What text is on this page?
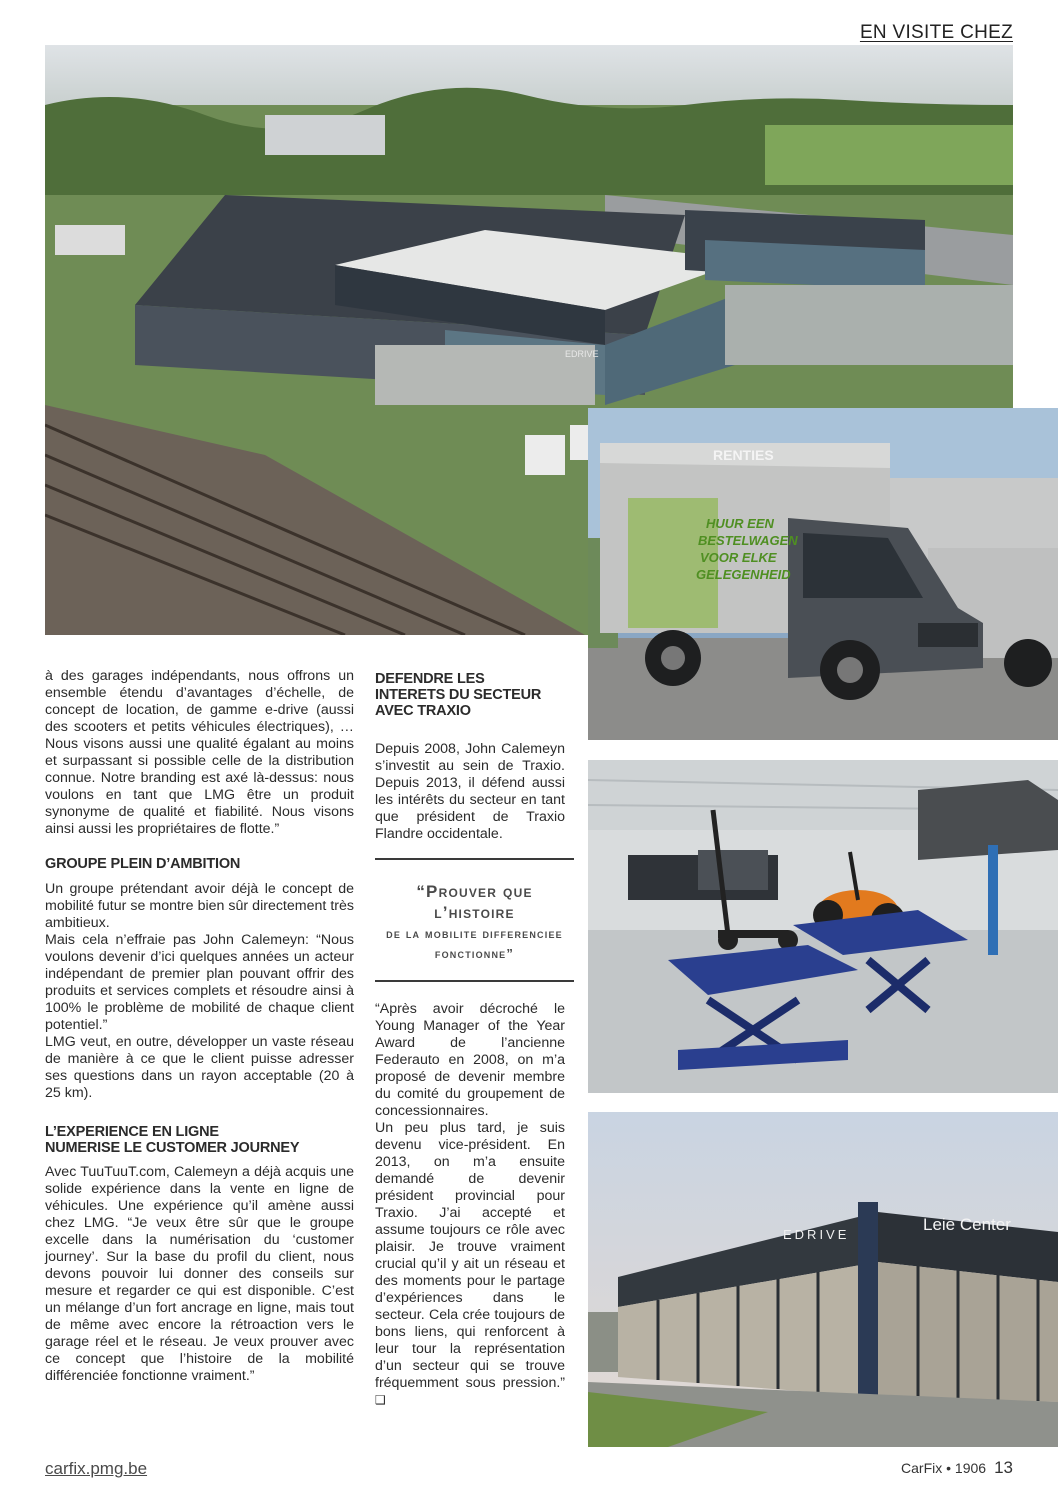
EN VISITE CHEZ
EDRIVE
RENTIES
HUUR EEN
BESTELWAGEN
VOOR ELKE
GELEGENHEID
EDRIVE
Leie Center

à des garages indépendants, nous offrons un ensemble étendu d’avantages d’échelle, de concept de location, de gamme e-drive (aussi des scooters et petits véhicules électriques), … Nous visons aussi une qualité égalant au moins et surpassant si possible celle de la distribution connue. Notre branding est axé là-dessus: nous voulons en tant que LMG être un produit synonyme de qualité et fiabilité. Nous visons ainsi aussi les propriétaires de flotte.”

GROUPE PLEIN D’AMBITION

Un groupe prétendant avoir déjà le concept de mobilité futur se montre bien sûr directement très ambitieux.

Mais cela n’effraie pas John Calemeyn: “Nous voulons devenir d’ici quelques années un acteur indépendant de premier plan pouvant offrir des produits et services complets et résoudre ainsi à 100% le problème de mobilité de chaque client potentiel.”

LMG veut, en outre, développer un vaste réseau de manière à ce que le client puisse adresser ses questions dans un rayon acceptable (20 à 25 km).

L’EXPERIENCE EN LIGNE
NUMERISE LE CUSTOMER JOURNEY

Avec TuuTuuT.com, Calemeyn a déjà acquis une solide expérience dans la vente en ligne de véhicules. Une expérience qu’il amène aussi chez LMG. “Je veux être sûr que le groupe excelle dans la numérisation du ‘customer journey’. Sur la base du profil du client, nous devons pouvoir lui donner des conseils sur mesure et regarder ce qui est disponible. C’est un mélange d’un fort ancrage en ligne, mais tout de même avec encore la rétroaction vers le garage réel et le réseau. Je veux prouver avec ce concept que l’histoire de la mobilité différenciée fonctionne vraiment.”

DEFENDRE LES
INTERETS DU SECTEUR
AVEC TRAXIO

Depuis 2008, John Calemeyn s’investit au sein de Traxio. Depuis 2013, il défend aussi les intérêts du secteur en tant que président de Traxio Flandre occidentale.

“Prouver que l’histoire
de la mobilite differenciee
fonctionne”

“Après avoir décroché le Young Manager of the Year Award de l’ancienne Federauto en 2008, on m’a proposé de devenir membre du comité du groupement de concessionnaires.

Un peu plus tard, je suis devenu vice-président. En 2013, on m’a ensuite demandé de devenir président provincial pour Traxio. J’ai accepté et assume toujours ce rôle avec plaisir. Je trouve vraiment crucial qu’il y ait un réseau et des moments pour le partage d’expériences dans le secteur. Cela crée toujours de bons liens, qui renforcent à leur tour la représentation d’un secteur qui se trouve fréquemment sous pression.” ❑

carfix.pmg.be	CarFix • 1906 13
